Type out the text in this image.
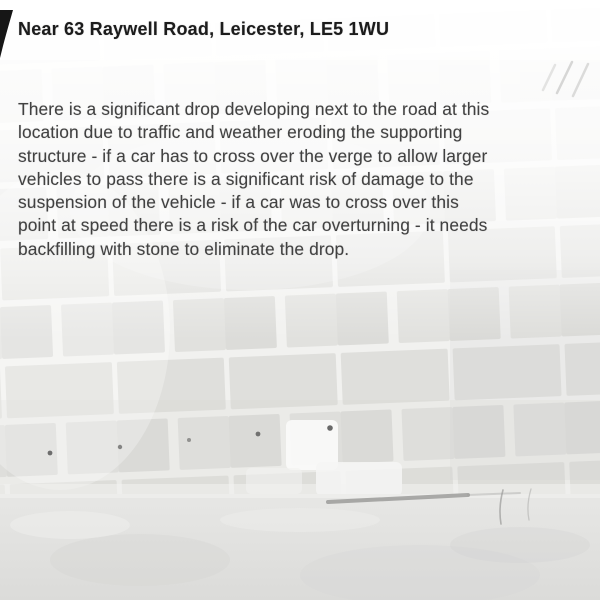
Near 63 Raywell Road, Leicester, LE5 1WU
There is a significant drop developing next to the road at this
location due to traffic and weather eroding the supporting
structure - if a car has to cross over the verge to allow larger
vehicles to pass there is a significant risk of damage to the
suspension of the vehicle - if a car was to cross over this
point at speed there is a risk of the car overturning - it needs
backfilling with stone to eliminate the drop.
